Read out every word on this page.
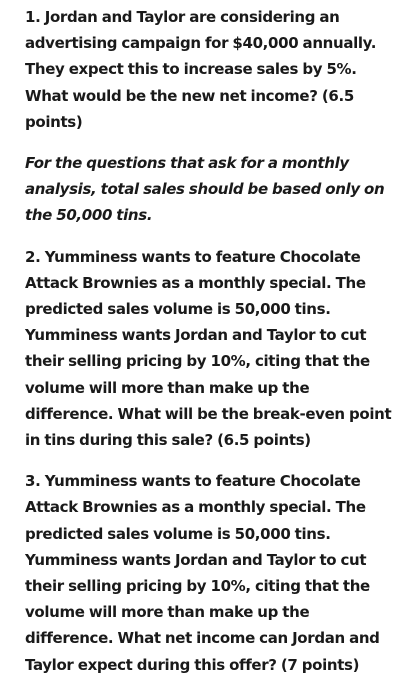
1. Jordan and Taylor are considering an advertising campaign for $40,000 annually. They expect this to increase sales by 5%. What would be the new net income? (6.5 points)

For the questions that ask for a monthly analysis, total sales should be based only on the 50,000 tins.

2. Yumminess wants to feature Chocolate Attack Brownies as a monthly special. The predicted sales volume is 50,000 tins. Yumminess wants Jordan and Taylor to cut their selling pricing by 10%, citing that the volume will more than make up the difference. What will be the break-even point in tins during this sale? (6.5 points)

3. Yumminess wants to feature Chocolate Attack Brownies as a monthly special. The predicted sales volume is 50,000 tins. Yumminess wants Jordan and Taylor to cut their selling pricing by 10%, citing that the volume will more than make up the difference. What net income can Jordan and Taylor expect during this offer? (7 points)
